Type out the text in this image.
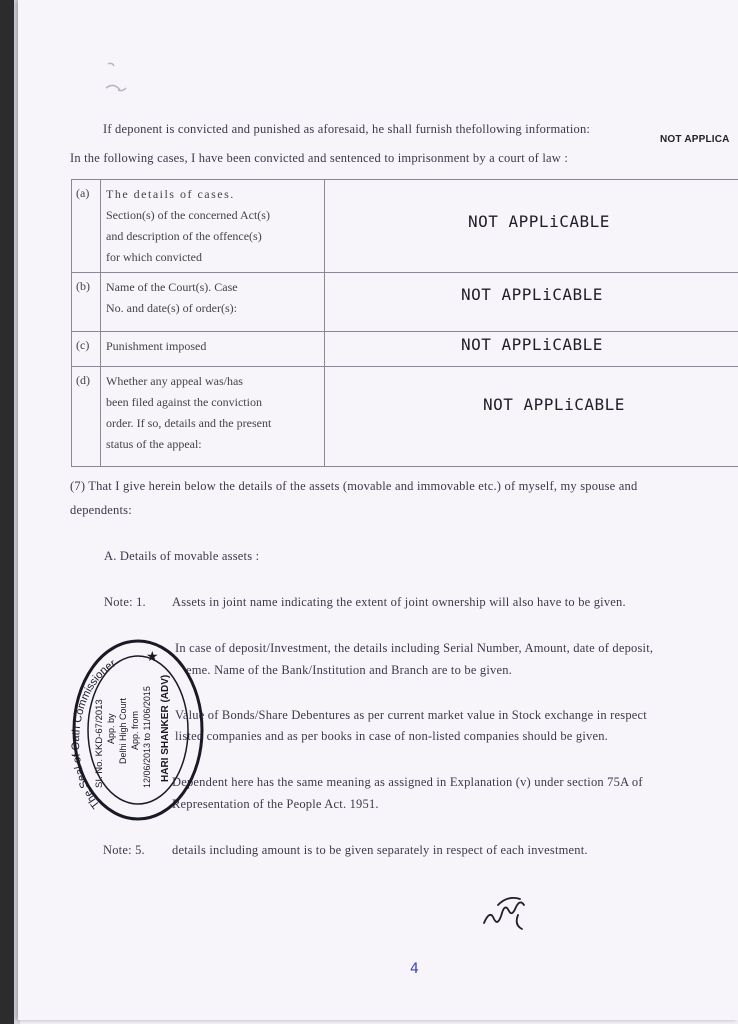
NOT APPLICA
If deponent is convicted and punished as aforesaid, he shall furnish thefollowing information:
In the following cases, I have been convicted and sentenced to imprisonment by a court of law :
(a)	The details of cases.
Section(s) of the concerned Act(s)
and description of the offence(s)
for which convicted	NOT APPLiCABLE

(b)	Name of the Court(s). Case
No. and date(s) of order(s):	NOT APPLiCABLE

(c)	Punishment imposed	NOT APPLiCABLE

(d)	Whether any appeal was/has
been filed against the conviction
order. If so, details and the present
status of the appeal:	NOT APPLiCABLE
(7) That I give herein below the details of the assets (movable and immovable etc.) of myself, my spouse and
dependents:
A. Details of movable assets :
Note: 1. Assets in joint name indicating the extent of joint ownership will also have to be given.
In case of deposit/Investment, the details including Serial Number, Amount, date of deposit,
eme. Name of the Bank/Institution and Branch are to be given.
Value of Bonds/Share Debentures as per current market value in Stock exchange in respect
listed companies and as per books in case of non-listed companies should be given.
Dependent here has the same meaning as assigned in Explanation (v) under section 75A of
Representation of the People Act. 1951.
Note: 5. details including amount is to be given separately in respect of each investment.
The Seal of Oath Commissioner
SI. No. KKD-67/2013 App. by Delhi High Court App. from 12/06/2013 to 11/06/2015 HARI SHANKER (ADV)
★
4
